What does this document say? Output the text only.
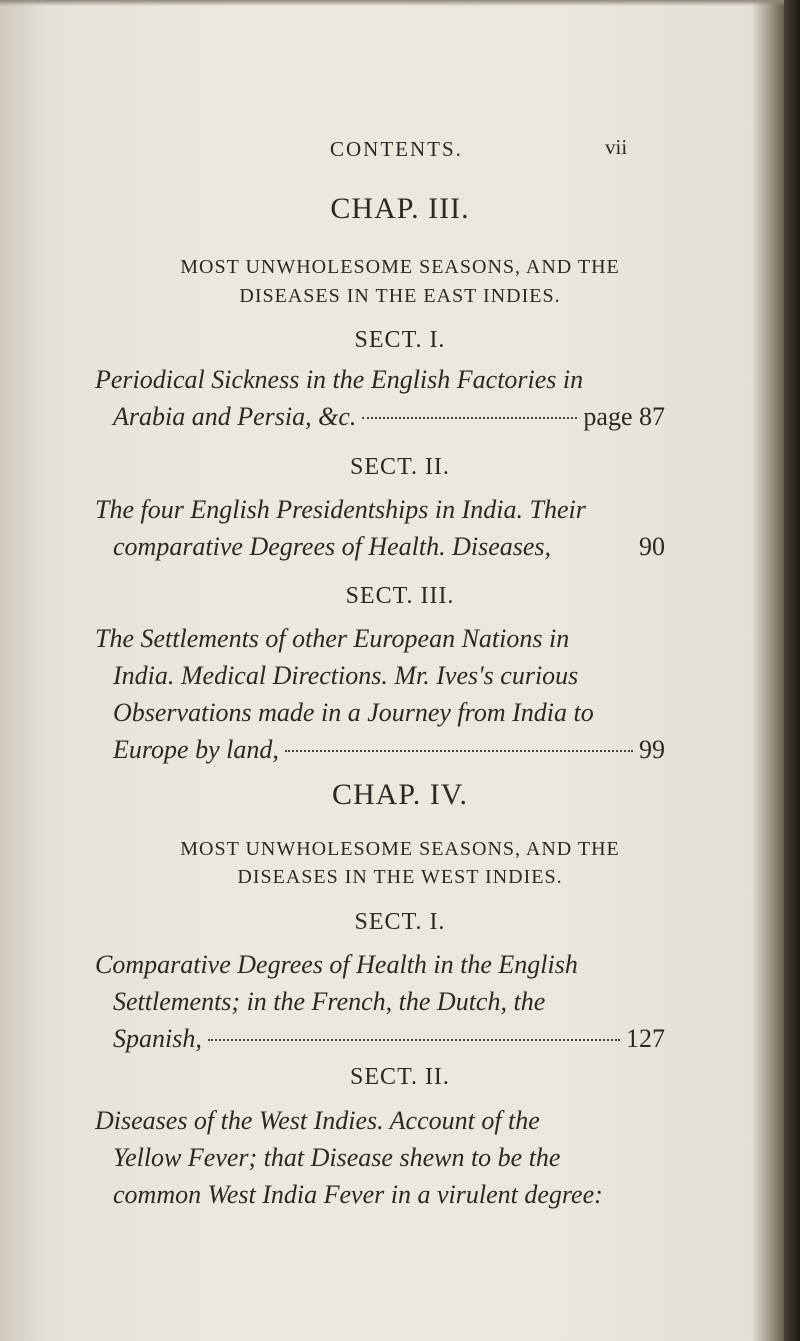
CONTENTS.	vii
CHAP. III.
MOST UNWHOLESOME SEASONS, AND THE
DISEASES IN THE EAST INDIES.
SECT. I.
Periodical Sickness in the English Factories in
Arabia and Persia, &c.	page 87
SECT. II.
The four English Presidentships in India. Their
comparative Degrees of Health. Diseases,	90
SECT. III.
The Settlements of other European Nations in
India. Medical Directions. Mr. Ives's curious
Observations made in a Journey from India to
Europe by land,	99
CHAP. IV.
MOST UNWHOLESOME SEASONS, AND THE
DISEASES IN THE WEST INDIES.
SECT. I.
Comparative Degrees of Health in the English
Settlements; in the French, the Dutch, the
Spanish,	127
SECT. II.
Diseases of the West Indies. Account of the
Yellow Fever; that Disease shewn to be the
common West India Fever in a virulent degree:
